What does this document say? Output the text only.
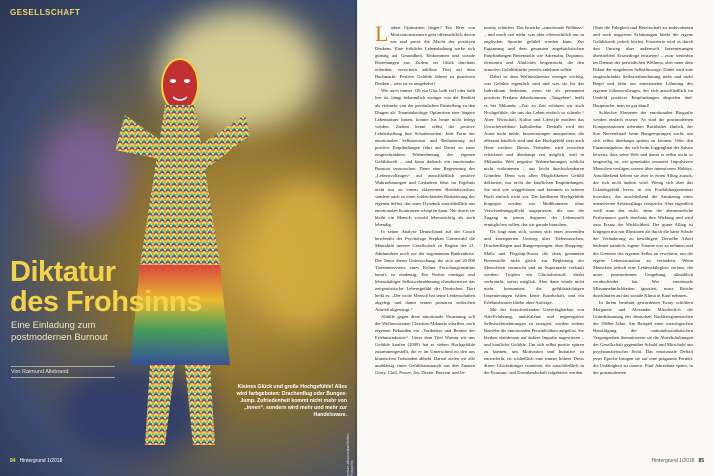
GESELLSCHAFT
Diktatur
des Frohsinns
Eine Einladung zum postmodernen Burnout
Von Raimund Allebrand
Kleines Glück und große Hochgefühle! Alles wird farbgeboten: Drachenflug oder Bungee-Jump. Zufriedenheit kommt nicht mehr von „innen“, sondern wird mehr und mehr zur Handelsware.
picture-alliance/dpa/Geisler-Fotopress
84 Hintergrund 1/2018

Lieben Optimisten länger? Ein Heer von Motivationstrainern geht offensichtlich davon aus und preist die Macht des positiven Denkens. Eine fröhliche Lebenshaltung wirke sich günstig auf Gesundheit, Einkommen und soziale Beziehungen aus. Zudem sei Glück durchaus erlernbar, versichern zahllose Titel auf dem Buchmarkt: Positive Gefühle führen zu positivem Denken – oder ist es umgekehrt?

Wie auch immer: Ob ein Glas halb voll oder halb leer ist, hängt bekanntlich weniger von der Realität als vielmehr von der persönlichen Einstellung zu den Dingen ab. Traumatheologe Optimisten eine längere Lebensdauer haben, konnte bis heute nicht belegt werden. Zudem kennt selbst die positive Lebenshaltung ihre Schattenseiten: Jede Form der emotionalen Selbstzensur und Reduzierung auf positive Empfindungen führt auf Dauer zu einer eingeschränkten Wahrnehmung der eigenen Gefühlswelt – und kann dadurch ein emotionales Burnout verursachen. Denn eine Begrenzung des „Lebensvollzuges“ auf ausschließlich positive Wahrnehmungen und Gedanken führt im Ergebnis nicht nur zu einem sklaventen Realitätsverlust, sondern auch zu einer schleichenden Reduzierung des eigenen Selbst, das seine Dynamik ausschließlich aus emotionalen Kontrasten schöpfen kann. Nur durch sie bleibt ein Mensch sowohl lebenstüchtig als auch lebendig.

In seiner Analyse Deutschland auf der Couch beschreibt der Psychologe Stephan Grünewald die Mentalität unserer Gesellschaft zu Beginn des 21. Jahrhunderts noch vor der sogenannten Bankenkrise. Der Tenor dieser Untersuchung, die sich auf 20.000 Tiefeninterviews eines Kölner Forschungsinstituts beruft, ist eindeutig: Ein Verlust einstiger und lebenshaltiger Selbstwahrnehmung charakterisiert das zeitgenössische Lebensgefühl der Deutschen. Dort heißt es: „Der coole Mensch hat seine Leidenschaften abgelegt und damit seinen primären seelischen Antrieb abgewürgt.“

Abhilfe gegen diese emotionale Verarmung soll der Wellnesstrainer Christian Mikunda schaffen, nach eigenem Bekunden ein „Vordenker und Berater der Erlebnisindustrie“. Unter dem Titel Warum wir uns Gefühle kaufen (2009) hat er sieben Hochgefühle zusammengestellt, die er im Unterschied zu den aus klassischen Todsünden abhebt. Darauf zielen wir alle unablässig einen Gefühlsaustausch aus den Zutaten Glory, Chill, Power, Joy, Desire, Bravour und In-

tensity schürfen. Das bewirke „emotionale Wellness“ – und mach viel mehr, was aber offensichtlich nur in englischer Sprache gefühlt werden kann. Zur Ergänzung und dem gesamten angelsächsischen Empfindungen Bettenstolle wie Adrenalin, Dopamin, Serotonin und Ähnliches beigemischt, die den ermotivo Gefühlsküche jeweils anlehnen sollen.

Dabei ist dem Wellnessberater weniger wichtig, was Gefühle eigentlich sind und was sie für das Individuum bedeuten, wenn sie als permanent positives Freilanz daherkommen. „Taugeben“, heißt es bei Mikunda, „Zeit zu Zeit erfahren wir auch Hochgefühle, die uns das Leben einfach so schenkt.“ Aber: Wirtschaft, Kultur und Lifestyle machen das Unvorhersehbare kalkulierbar. Deshalb wird der Autor nicht müde, Inszenierungen anzupreisen, die allesamt käuflich sind und das Hochgefühl stets auch Neue wecken. Dieses Verhalten wird zwischen erleichtert und überhaupt erst möglich, weil in Mikundas Welt negative Wahrnehmungen schlicht nicht vorkommen – aus leicht durchschaubaren Gründen: Denn was allen Möglichkeiten Gefühl deklariert, nur nicht die käuflichen Empfindungen. Sie sind wie weggeblasen und kommen in seinem Buch einfach nicht vor. Die kaufbaren Hochgefühle hingegen werden wie Medikamente ohne Verschreibungspflicht angepriesen, die uns die Zugang in jenem Segment der Lebenswelt ermöglichen sollen, das wir gerade brauchen.

Da fragt man sich, warum sich eines anwenden und konzipierten Umweg über Tiefenrauschen, Drachenfliegen und Bungeespringen, über Shopping-Malls und Flagship-Stores die oben genannten Botenstoffe nicht gleich zur Begleitung der Menschheit vermischt und im Supermarkt verkauft werden: Tropfen ein Glücksbotstoff, direkt verbraucht, sofort möglich. Aber dann würde nicht mehr konsumiert, die gefühlsträchtigen Inszenierungen hätten keine Kundschaft, und ein Erlebnisberater bliebe ohne Aufträge.

Mit der fortschreitenden Unverfügbarkeit von Nah-Erfahrung, ambivalente und neganegative Selbstwahrnehmungen zu ertragen, werden seitens Betriebe die emotionalen Persönlichkeit aufgelöst. Sie bleiben stattdessen auf äußere Impulse angewiesen – und käufliche Gefühle. Um sich selbst positiv spüren zu können, um Motivation und Initiative zu entwickeln, ist schließlich eine immer höhere Dosis dieser Glücksbringer vonnöten, die ausschließlich in der Konsum- und Eventlandschaft folgebietet werden.

Ohne die Fähigkeit und Bereitschaft zu ambivalenten und auch negativen Erfahrungen bleibt die eigene Gefühlswelt jedoch höchst. Frustrierte wird es durch den Umweg über außenwelt Inszenierungen übertrieben! Ersatzdroge einsieten! – zwar weiterhin im Dienste der persönlichen Wellness, aber unter dem Diktat der eingebeten Selbstfürsorge. Dabei wird eine eingeschränkte Selbstwahrnehmung mehr und mehr Regel und führt zur emotionalen Lähmung des eigenen Lebensvollzuges, der sich ausschließlich im Umfeld positiver Empfindungen abspielen darf. Hauptsache, man ist gut drauf!

Schlechte Elemente der emotionalen Biografie werden einfach ersetzt: So sind die postmodernen Kompensationen nebenbei Buchhalter ähnlich, der ihre Nervenkitzel beim Bungeespringen sucht, um sich selbst überhaupt spüren zu können. Oder den Finanzinspektor, der sich beim Jogginglauf der Sahara beweist, dass seine Welt und damit er selbst nicht so langweilig ist, wie gemeinhin vermutet. Impulsivere Menschen verfügen vorerst über intensiveres Hobbys. Anschließend kehren sie aber in einen Alltag zurück, der sich nicht ändern wird. Wenig sich aber das Urlaubsgefühl bevor in ein Fortbildungsseminar investiert, das anschließend die Ansätzung eines intensiveren Arbeitsalltags verspricht. Aber eigentlich weiß man das nicht, denn die abenteuerliche Performance greift durchaus ihre Wirkung und wird zum Ersatz der Wirklichkeit. Der graue Alltag ist hingegen nur mit Illusionen als durch die harte Schule der Veränderung zu bewältigen. Derselbe Arbeit bedeutet nämlich, eigene Träume erst zu nehmen und die Grenzen des eigenen Selbst zu erweitern, um die eigene Lebenssituation zu verändern. Wenn Menschen jedoch eine Leidensfähigkeit verlaus, die unter postmodernen Umgebung allmählich verabschiedet hat. Wer emotionale Missannehmlichkeiten ignoriert, muss Brüche durchlaufen auf das soziale Klima in Kauf nehmen.

In ihrem berühmt gewordenen Essay schildern Margarete und Alexander Mitscherlich die Grundstimmung der deutschen Nachkriegsmenschen der 1960er Jahre. Am Beispiel einer soziologischen Bewältigung der nationalsozialistischen Vergangenheit thematisieren sie die Abwehrhaltungen der Gesellschaft gegenüber Schuld und Mitschuld aus psychoanalytischer Sicht. Das emotionale Defizit jener Epoche bringen sie auf eine prägnante Formel: die Unfähigkeit zu trauern. Fünf Jahrzehnte später, in der postmodernen

Hintergrund 1/2018 85
